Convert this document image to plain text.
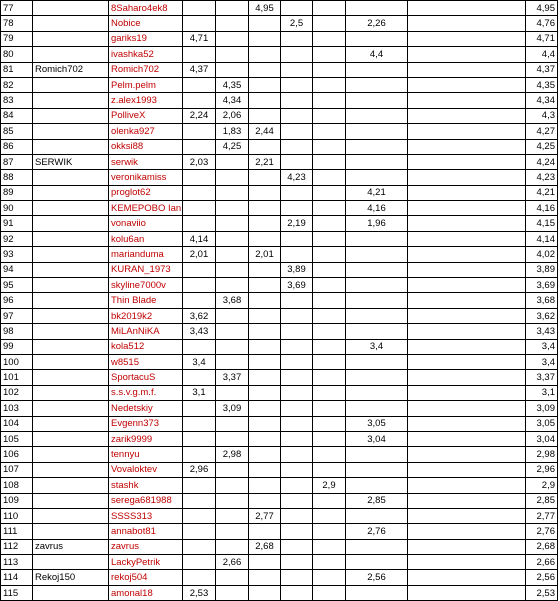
77		8Saharo4ek8			4,95					4,95
78		Nobice				2,5		2,26		4,76
79		gariks19	4,71							4,71
80		ivashka52						4,4		4,4
81	Romich702	Romich702	4,37							4,37
82		Pelm.pelm		4,35						4,35
83		z.alex1993		4,34						4,34
84		PolliveX	2,24	2,06						4,3
85		olenka927		1,83	2,44					4,27
86		okksi88		4,25						4,25
87	SERWIK	serwik	2,03		2,21					4,24
88		veronikamiss				4,23				4,23
89		proglot62						4,21		4,21
90		KEMEPOBO Ian						4,16		4,16
91		vonaviio				2,19		1,96		4,15
92		kolu6an	4,14							4,14
93		marianduma	2,01		2,01					4,02
94		KURAN_1973				3,89				3,89
95		skyline7000v				3,69				3,69
96		Thin Blade		3,68						3,68
97		bk2019k2	3,62							3,62
98		MiLAnNiKA	3,43							3,43
99		kola512						3,4		3,4
100		w8515	3,4							3,4
101		SportacuS		3,37						3,37
102		s.s.v.g.m.f.	3,1							3,1
103		Nedetskiy		3,09						3,09
104		Evgenn373						3,05		3,05
105		zarik9999						3,04		3,04
106		tennyu		2,98						2,98
107		Vovaloktev	2,96							2,96
108		stashk					2,9			2,9
109		serega681988						2,85		2,85
110		SSSS313			2,77					2,77
111		annabot81						2,76		2,76
112	zavrus	zavrus			2,68					2,68
113		LackyPetrik		2,66						2,66
114	Rekoj150	rekoj504						2,56		2,56
115		amonal18	2,53							2,53
